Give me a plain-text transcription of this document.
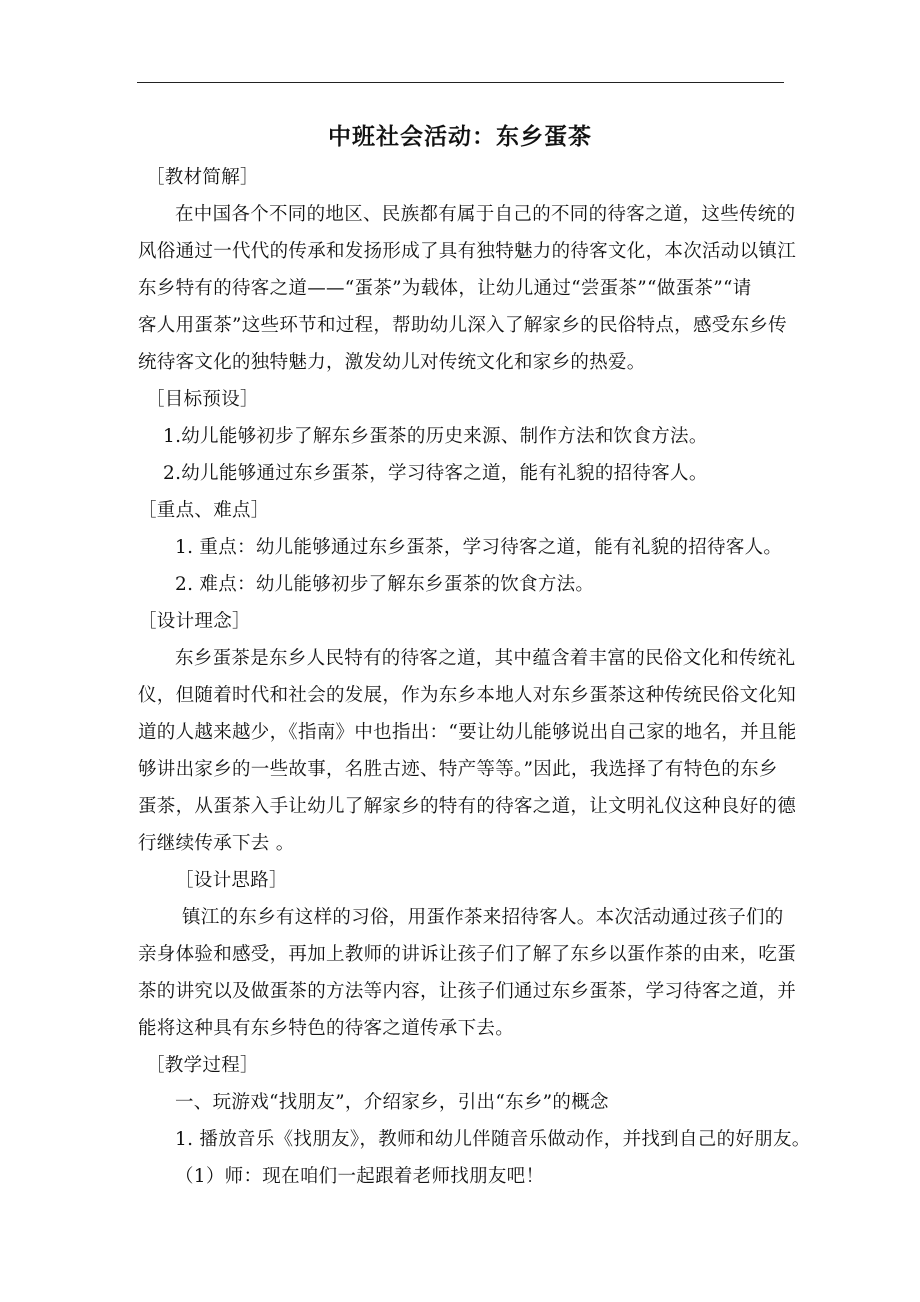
中班社会活动：东乡蛋茶
［教材简解］
在中国各个不同的地区、民族都有属于自己的不同的待客之道，这些传统的
风俗通过一代代的传承和发扬形成了具有独特魅力的待客文化，本次活动以镇江
东乡特有的待客之道——“蛋茶”为载体，让幼儿通过“尝蛋茶”“做蛋茶”“请
客人用蛋茶”这些环节和过程，帮助幼儿深入了解家乡的民俗特点，感受东乡传
统待客文化的独特魅力，激发幼儿对传统文化和家乡的热爱。
［目标预设］
1.幼儿能够初步了解东乡蛋茶的历史来源、制作方法和饮食方法。
2.幼儿能够通过东乡蛋茶，学习待客之道，能有礼貌的招待客人。
［重点、难点］
1. 重点：幼儿能够通过东乡蛋茶，学习待客之道，能有礼貌的招待客人。
2. 难点：幼儿能够初步了解东乡蛋茶的饮食方法。
［设计理念］
东乡蛋茶是东乡人民特有的待客之道，其中蕴含着丰富的民俗文化和传统礼
仪，但随着时代和社会的发展，作为东乡本地人对东乡蛋茶这种传统民俗文化知
道的人越来越少，《指南》中也指出：“要让幼儿能够说出自己家的地名，并且能
够讲出家乡的一些故事，名胜古迹、特产等等。”因此，我选择了有特色的东乡
蛋茶，从蛋茶入手让幼儿了解家乡的特有的待客之道，让文明礼仪这种良好的德
行继续传承下去 。
［设计思路］
镇江的东乡有这样的习俗，用蛋作茶来招待客人。本次活动通过孩子们的
亲身体验和感受，再加上教师的讲诉让孩子们了解了东乡以蛋作茶的由来，吃蛋
茶的讲究以及做蛋茶的方法等内容，让孩子们通过东乡蛋茶，学习待客之道，并
能将这种具有东乡特色的待客之道传承下去。
［教学过程］
一、玩游戏“找朋友”，介绍家乡，引出“东乡”的概念
1. 播放音乐《找朋友》，教师和幼儿伴随音乐做动作，并找到自己的好朋友。
（1）师：现在咱们一起跟着老师找朋友吧！
